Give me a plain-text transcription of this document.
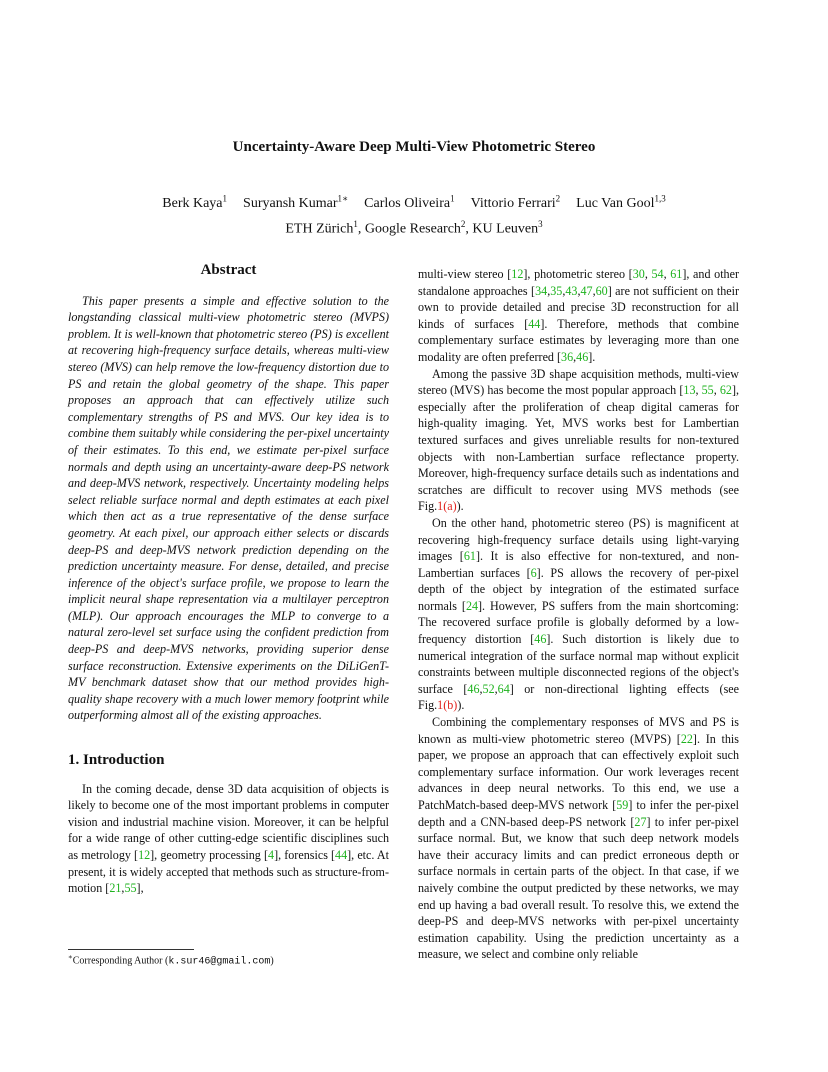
Uncertainty-Aware Deep Multi-View Photometric Stereo
Berk Kaya$^1$ Suryansh Kumar$^{1∗}$ Carlos Oliveira$^1$ Vittorio Ferrari$^2$ Luc Van Gool$^{1,3}$
ETH Zürich$^1$, Google Research$^2$, KU Leuven$^3$
Abstract

This paper presents a simple and effective solution to the longstanding classical multi-view photometric stereo (MVPS) problem. It is well-known that photometric stereo (PS) is excellent at recovering high-frequency surface details, whereas multi-view stereo (MVS) can help remove the low-frequency distortion due to PS and retain the global geometry of the shape. This paper proposes an approach that can effectively utilize such complementary strengths of PS and MVS. Our key idea is to combine them suitably while considering the per-pixel uncertainty of their estimates. To this end, we estimate per-pixel surface normals and depth using an uncertainty-aware deep-PS network and deep-MVS network, respectively. Uncertainty modeling helps select reliable surface normal and depth estimates at each pixel which then act as a true representative of the dense surface geometry. At each pixel, our approach either selects or discards deep-PS and deep-MVS network prediction depending on the prediction uncertainty measure. For dense, detailed, and precise inference of the object's surface profile, we propose to learn the implicit neural shape representation via a multilayer perceptron (MLP). Our approach encourages the MLP to converge to a natural zero-level set surface using the confident prediction from deep-PS and deep-MVS networks, providing superior dense surface reconstruction. Extensive experiments on the DiLiGenT-MV benchmark dataset show that our method provides high-quality shape recovery with a much lower memory footprint while outperforming almost all of the existing approaches.

1. Introduction

In the coming decade, dense 3D data acquisition of objects is likely to become one of the most important problems in computer vision and industrial machine vision. Moreover, it can be helpful for a wide range of other cutting-edge scientific disciplines such as metrology [12], geometry processing [4], forensics [44], etc. At present, it is widely accepted that methods such as structure-from-motion [21,55],

multi-view stereo [12], photometric stereo [30, 54, 61], and other standalone approaches [34,35,43,47,60] are not sufficient on their own to provide detailed and precise 3D reconstruction for all kinds of surfaces [44]. Therefore, methods that combine complementary surface estimates by leveraging more than one modality are often preferred [36,46].

Among the passive 3D shape acquisition methods, multi-view stereo (MVS) has become the most popular approach [13, 55, 62], especially after the proliferation of cheap digital cameras for high-quality imaging. Yet, MVS works best for Lambertian textured surfaces and gives unreliable results for non-textured objects with non-Lambertian surface reflectance property. Moreover, high-frequency surface details such as indentations and scratches are difficult to recover using MVS methods (see Fig.1(a)).

On the other hand, photometric stereo (PS) is magnificent at recovering high-frequency surface details using light-varying images [61]. It is also effective for non-textured, and non-Lambertian surfaces [6]. PS allows the recovery of per-pixel depth of the object by integration of the estimated surface normals [24]. However, PS suffers from the main shortcoming: The recovered surface profile is globally deformed by a low-frequency distortion [46]. Such distortion is likely due to numerical integration of the surface normal map without explicit constraints between multiple disconnected regions of the object's surface [46,52,64] or non-directional lighting effects (see Fig.1(b)).

Combining the complementary responses of MVS and PS is known as multi-view photometric stereo (MVPS) [22]. In this paper, we propose an approach that can effectively exploit such complementary surface information. Our work leverages recent advances in deep neural networks. To this end, we use a PatchMatch-based deep-MVS network [59] to infer the per-pixel depth and a CNN-based deep-PS network [27] to infer per-pixel surface normal. But, we know that such deep network models have their accuracy limits and can predict erroneous depth or surface normals in certain parts of the object. In that case, if we naively combine the output predicted by these networks, we may end up having a bad overall result. To resolve this, we extend the deep-PS and deep-MVS networks with per-pixel uncertainty estimation capability. Using the prediction uncertainty as a measure, we select and combine only reliable

∗Corresponding Author (k.sur46@gmail.com)
